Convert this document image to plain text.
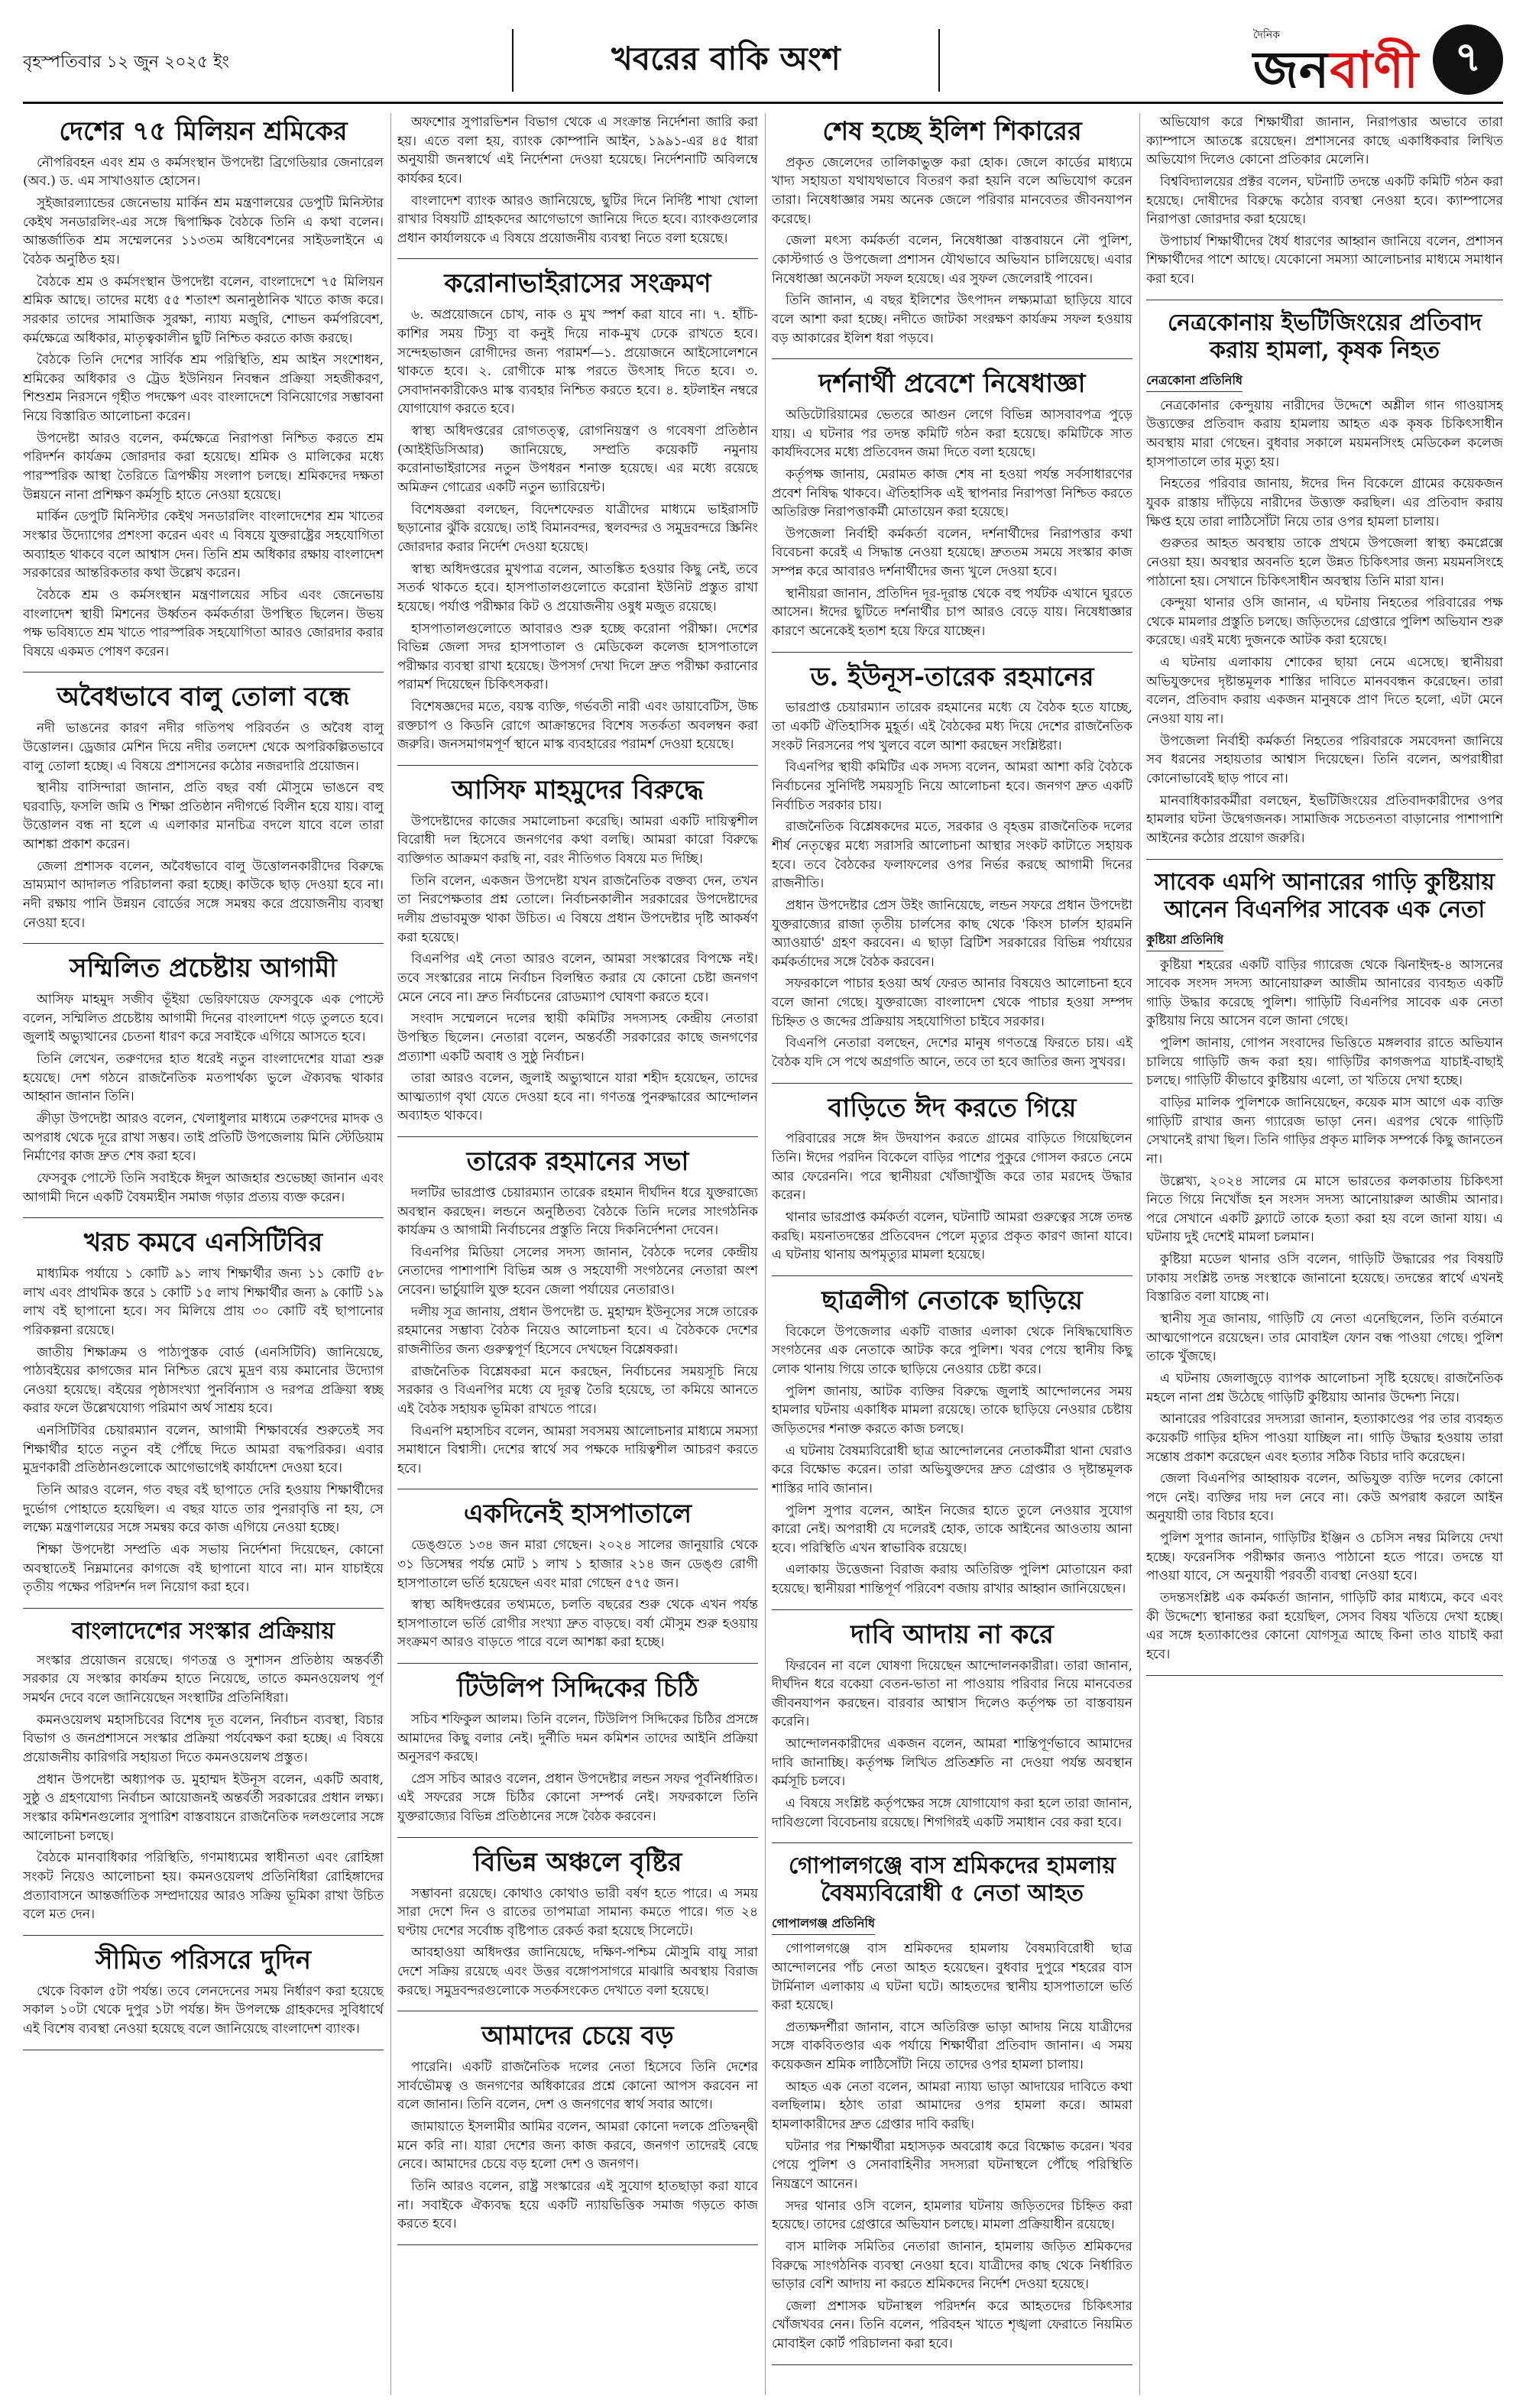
বৃহস্পতিবার ১২ জুন ২০২৫ ইং	খবরের বাকি অংশ
দৈনিক
জনবাণী ৭
দেশের ৭৫ মিলিয়ন শ্রমিকের

নৌপরিবহন এবং শ্রম ও কর্মসংস্থান উপদেষ্টা ব্রিগেডিয়ার জেনারেল (অব.) ড. এম সাখাওয়াত হোসেন।

সুইজারল্যান্ডের জেনেভায় মার্কিন শ্রম মন্ত্রণালয়ের ডেপুটি মিনিস্টার কেইথ সনডারলিং-এর সঙ্গে দ্বিপাক্ষিক বৈঠকে তিনি এ কথা বলেন। আন্তর্জাতিক শ্রম সম্মেলনের ১১৩তম অধিবেশনের সাইডলাইনে এ বৈঠক অনুষ্ঠিত হয়।

বৈঠকে শ্রম ও কর্মসংস্থান উপদেষ্টা বলেন, বাংলাদেশে ৭৫ মিলিয়ন শ্রমিক আছে। তাদের মধ্যে ৫৫ শতাংশ অনানুষ্ঠানিক খাতে কাজ করে। সরকার তাদের সামাজিক সুরক্ষা, ন্যায্য মজুরি, শোভন কর্মপরিবেশ, কর্মক্ষেত্রে অধিকার, মাতৃত্বকালীন ছুটি নিশ্চিত করতে কাজ করছে।

বৈঠকে তিনি দেশের সার্বিক শ্রম পরিস্থিতি, শ্রম আইন সংশোধন, শ্রমিকের অধিকার ও ট্রেড ইউনিয়ন নিবন্ধন প্রক্রিয়া সহজীকরণ, শিশুশ্রম নিরসনে গৃহীত পদক্ষেপ এবং বাংলাদেশে বিনিয়োগের সম্ভাবনা নিয়ে বিস্তারিত আলোচনা করেন।

উপদেষ্টা আরও বলেন, কর্মক্ষেত্রে নিরাপত্তা নিশ্চিত করতে শ্রম পরিদর্শন কার্যক্রম জোরদার করা হয়েছে। শ্রমিক ও মালিকের মধ্যে পারস্পরিক আস্থা তৈরিতে ত্রিপক্ষীয় সংলাপ চলছে। শ্রমিকদের দক্ষতা উন্নয়নে নানা প্রশিক্ষণ কর্মসূচি হাতে নেওয়া হয়েছে।

মার্কিন ডেপুটি মিনিস্টার কেইথ সনডারলিং বাংলাদেশের শ্রম খাতের সংস্কার উদ্যোগের প্রশংসা করেন এবং এ বিষয়ে যুক্তরাষ্ট্রের সহযোগিতা অব্যাহত থাকবে বলে আশ্বাস দেন। তিনি শ্রম অধিকার রক্ষায় বাংলাদেশ সরকারের আন্তরিকতার কথা উল্লেখ করেন।

বৈঠকে শ্রম ও কর্মসংস্থান মন্ত্রণালয়ের সচিব এবং জেনেভায় বাংলাদেশ স্থায়ী মিশনের উর্ধ্বতন কর্মকর্তারা উপস্থিত ছিলেন। উভয় পক্ষ ভবিষ্যতে শ্রম খাতে পারস্পরিক সহযোগিতা আরও জোরদার করার বিষয়ে একমত পোষণ করেন।

অবৈধভাবে বালু তোলা বন্ধে

নদী ভাঙনের কারণ নদীর গতিপথ পরিবর্তন ও অবৈধ বালু উত্তোলন। ড্রেজার মেশিন দিয়ে নদীর তলদেশ থেকে অপরিকল্পিতভাবে বালু তোলা হচ্ছে। এ বিষয়ে প্রশাসনের কঠোর নজরদারি প্রয়োজন।

স্থানীয় বাসিন্দারা জানান, প্রতি বছর বর্ষা মৌসুমে ভাঙনে বহু ঘরবাড়ি, ফসলি জমি ও শিক্ষা প্রতিষ্ঠান নদীগর্ভে বিলীন হয়ে যায়। বালু উত্তোলন বন্ধ না হলে এ এলাকার মানচিত্র বদলে যাবে বলে তারা আশঙ্কা প্রকাশ করেন।

জেলা প্রশাসক বলেন, অবৈধভাবে বালু উত্তোলনকারীদের বিরুদ্ধে ভ্রাম্যমাণ আদালত পরিচালনা করা হচ্ছে। কাউকে ছাড় দেওয়া হবে না। নদী রক্ষায় পানি উন্নয়ন বোর্ডের সঙ্গে সমন্বয় করে প্রয়োজনীয় ব্যবস্থা নেওয়া হবে।

সম্মিলিত প্রচেষ্টায় আগামী

আসিফ মাহমুদ সজীব ভূঁইয়া ভেরিফায়েড ফেসবুকে এক পোস্টে বলেন, সম্মিলিত প্রচেষ্টায় আগামী দিনের বাংলাদেশ গড়ে তুলতে হবে। জুলাই অভ্যুত্থানের চেতনা ধারণ করে সবাইকে এগিয়ে আসতে হবে।

তিনি লেখেন, তরুণদের হাত ধরেই নতুন বাংলাদেশের যাত্রা শুরু হয়েছে। দেশ গঠনে রাজনৈতিক মতপার্থক্য ভুলে ঐক্যবদ্ধ থাকার আহ্বান জানান তিনি।

ক্রীড়া উপদেষ্টা আরও বলেন, খেলাধুলার মাধ্যমে তরুণদের মাদক ও অপরাধ থেকে দূরে রাখা সম্ভব। তাই প্রতিটি উপজেলায় মিনি স্টেডিয়াম নির্মাণের কাজ দ্রুত শেষ করা হবে।

ফেসবুক পোস্টে তিনি সবাইকে ঈদুল আজহার শুভেচ্ছা জানান এবং আগামী দিনে একটি বৈষম্যহীন সমাজ গড়ার প্রত্যয় ব্যক্ত করেন।

খরচ কমবে এনসিটিবির

মাধ্যমিক পর্যায়ে ১ কোটি ৯১ লাখ শিক্ষার্থীর জন্য ১১ কোটি ৫৮ লাখ এবং প্রাথমিক স্তরে ১ কোটি ১৫ লাখ শিক্ষার্থীর জন্য ৯ কোটি ১৯ লাখ বই ছাপানো হবে। সব মিলিয়ে প্রায় ৩০ কোটি বই ছাপানোর পরিকল্পনা রয়েছে।

জাতীয় শিক্ষাক্রম ও পাঠ্যপুস্তক বোর্ড (এনসিটিবি) জানিয়েছে, পাঠ্যবইয়ের কাগজের মান নিশ্চিত রেখে মুদ্রণ ব্যয় কমানোর উদ্যোগ নেওয়া হয়েছে। বইয়ের পৃষ্ঠাসংখ্যা পুনর্বিন্যাস ও দরপত্র প্রক্রিয়া স্বচ্ছ করার ফলে উল্লেখযোগ্য পরিমাণ অর্থ সাশ্রয় হবে।

এনসিটিবির চেয়ারম্যান বলেন, আগামী শিক্ষাবর্ষের শুরুতেই সব শিক্ষার্থীর হাতে নতুন বই পৌঁছে দিতে আমরা বদ্ধপরিকর। এবার মুদ্রণকারী প্রতিষ্ঠানগুলোকে আগেভাগেই কার্যাদেশ দেওয়া হবে।

তিনি আরও বলেন, গত বছর বই ছাপাতে দেরি হওয়ায় শিক্ষার্থীদের দুর্ভোগ পোহাতে হয়েছিল। এ বছর যাতে তার পুনরাবৃত্তি না হয়, সে লক্ষ্যে মন্ত্রণালয়ের সঙ্গে সমন্বয় করে কাজ এগিয়ে নেওয়া হচ্ছে।

শিক্ষা উপদেষ্টা সম্প্রতি এক সভায় নির্দেশনা দিয়েছেন, কোনো অবস্থাতেই নিম্নমানের কাগজে বই ছাপানো যাবে না। মান যাচাইয়ে তৃতীয় পক্ষের পরিদর্শন দল নিয়োগ করা হবে।

বাংলাদেশের সংস্কার প্রক্রিয়ায়

সংস্কার প্রয়োজন রয়েছে। গণতন্ত্র ও সুশাসন প্রতিষ্ঠায় অন্তর্বর্তী সরকার যে সংস্কার কার্যক্রম হাতে নিয়েছে, তাতে কমনওয়েলথ পূর্ণ সমর্থন দেবে বলে জানিয়েছেন সংস্থাটির প্রতিনিধিরা।

কমনওয়েলথ মহাসচিবের বিশেষ দূত বলেন, নির্বাচন ব্যবস্থা, বিচার বিভাগ ও জনপ্রশাসনে সংস্কার প্রক্রিয়া পর্যবেক্ষণ করা হচ্ছে। এ বিষয়ে প্রয়োজনীয় কারিগরি সহায়তা দিতে কমনওয়েলথ প্রস্তুত।

প্রধান উপদেষ্টা অধ্যাপক ড. মুহাম্মদ ইউনূস বলেন, একটি অবাধ, সুষ্ঠু ও গ্রহণযোগ্য নির্বাচন আয়োজনই অন্তর্বর্তী সরকারের প্রধান লক্ষ্য। সংস্কার কমিশনগুলোর সুপারিশ বাস্তবায়নে রাজনৈতিক দলগুলোর সঙ্গে আলোচনা চলছে।

বৈঠকে মানবাধিকার পরিস্থিতি, গণমাধ্যমের স্বাধীনতা এবং রোহিঙ্গা সংকট নিয়েও আলোচনা হয়। কমনওয়েলথ প্রতিনিধিরা রোহিঙ্গাদের প্রত্যাবাসনে আন্তর্জাতিক সম্প্রদায়ের আরও সক্রিয় ভূমিকা রাখা উচিত বলে মত দেন।

সীমিত পরিসরে দুদিন

থেকে বিকাল ৫টা পর্যন্ত। তবে লেনদেনের সময় নির্ধারণ করা হয়েছে সকাল ১০টা থেকে দুপুর ১টা পর্যন্ত। ঈদ উপলক্ষে গ্রাহকদের সুবিধার্থে এই বিশেষ ব্যবস্থা নেওয়া হয়েছে বলে জানিয়েছে বাংলাদেশ ব্যাংক।

অফশোর সুপারভিশন বিভাগ থেকে এ সংক্রান্ত নির্দেশনা জারি করা হয়। এতে বলা হয়, ব্যাংক কোম্পানি আইন, ১৯৯১-এর ৪৫ ধারা অনুযায়ী জনস্বার্থে এই নির্দেশনা দেওয়া হয়েছে। নির্দেশনাটি অবিলম্বে কার্যকর হবে।

বাংলাদেশ ব্যাংক আরও জানিয়েছে, ছুটির দিনে নির্দিষ্ট শাখা খোলা রাখার বিষয়টি গ্রাহকদের আগেভাগে জানিয়ে দিতে হবে। ব্যাংকগুলোর প্রধান কার্যালয়কে এ বিষয়ে প্রয়োজনীয় ব্যবস্থা নিতে বলা হয়েছে।

করোনাভাইরাসের সংক্রমণ

৬. অপ্রয়োজনে চোখ, নাক ও মুখ স্পর্শ করা যাবে না। ৭. হাঁচি-কাশির সময় টিস্যু বা কনুই দিয়ে নাক-মুখ ঢেকে রাখতে হবে। সন্দেহভাজন রোগীদের জন্য পরামর্শ—১. প্রয়োজনে আইসোলেশনে থাকতে হবে। ২. রোগীকে মাস্ক পরতে উৎসাহ দিতে হবে। ৩. সেবাদানকারীকেও মাস্ক ব্যবহার নিশ্চিত করতে হবে। ৪. হটলাইন নম্বরে যোগাযোগ করতে হবে।

স্বাস্থ্য অধিদপ্তরের রোগতত্ত্ব, রোগনিয়ন্ত্রণ ও গবেষণা প্রতিষ্ঠান (আইইডিসিআর) জানিয়েছে, সম্প্রতি কয়েকটি নমুনায় করোনাভাইরাসের নতুন উপধরন শনাক্ত হয়েছে। এর মধ্যে রয়েছে অমিক্রন গোত্রের একটি নতুন ভ্যারিয়েন্ট।

বিশেষজ্ঞরা বলছেন, বিদেশফেরত যাত্রীদের মাধ্যমে ভাইরাসটি ছড়ানোর ঝুঁকি রয়েছে। তাই বিমানবন্দর, স্থলবন্দর ও সমুদ্রবন্দরে স্ক্রিনিং জোরদার করার নির্দেশ দেওয়া হয়েছে।

স্বাস্থ্য অধিদপ্তরের মুখপাত্র বলেন, আতঙ্কিত হওয়ার কিছু নেই, তবে সতর্ক থাকতে হবে। হাসপাতালগুলোতে করোনা ইউনিট প্রস্তুত রাখা হয়েছে। পর্যাপ্ত পরীক্ষার কিট ও প্রয়োজনীয় ওষুধ মজুত রয়েছে।

হাসপাতালগুলোতে আবারও শুরু হচ্ছে করোনা পরীক্ষা। দেশের বিভিন্ন জেলা সদর হাসপাতাল ও মেডিকেল কলেজ হাসপাতালে পরীক্ষার ব্যবস্থা রাখা হয়েছে। উপসর্গ দেখা দিলে দ্রুত পরীক্ষা করানোর পরামর্শ দিয়েছেন চিকিৎসকরা।

বিশেষজ্ঞদের মতে, বয়স্ক ব্যক্তি, গর্ভবতী নারী এবং ডায়াবেটিস, উচ্চ রক্তচাপ ও কিডনি রোগে আক্রান্তদের বিশেষ সতর্কতা অবলম্বন করা জরুরি। জনসমাগমপূর্ণ স্থানে মাস্ক ব্যবহারের পরামর্শ দেওয়া হয়েছে।

আসিফ মাহমুদের বিরুদ্ধে

উপদেষ্টাদের কাজের সমালোচনা করেছি। আমরা একটি দায়িত্বশীল বিরোধী দল হিসেবে জনগণের কথা বলছি। আমরা কারো বিরুদ্ধে ব্যক্তিগত আক্রমণ করছি না, বরং নীতিগত বিষয়ে মত দিচ্ছি।

তিনি বলেন, একজন উপদেষ্টা যখন রাজনৈতিক বক্তব্য দেন, তখন তা নিরপেক্ষতার প্রশ্ন তোলে। নির্বাচনকালীন সরকারের উপদেষ্টাদের দলীয় প্রভাবমুক্ত থাকা উচিত। এ বিষয়ে প্রধান উপদেষ্টার দৃষ্টি আকর্ষণ করা হয়েছে।

বিএনপির এই নেতা আরও বলেন, আমরা সংস্কারের বিপক্ষে নই। তবে সংস্কারের নামে নির্বাচন বিলম্বিত করার যে কোনো চেষ্টা জনগণ মেনে নেবে না। দ্রুত নির্বাচনের রোডম্যাপ ঘোষণা করতে হবে।

সংবাদ সম্মেলনে দলের স্থায়ী কমিটির সদস্যসহ কেন্দ্রীয় নেতারা উপস্থিত ছিলেন। নেতারা বলেন, অন্তর্বর্তী সরকারের কাছে জনগণের প্রত্যাশা একটি অবাধ ও সুষ্ঠু নির্বাচন।

তারা আরও বলেন, জুলাই অভ্যুত্থানে যারা শহীদ হয়েছেন, তাদের আত্মত্যাগ বৃথা যেতে দেওয়া হবে না। গণতন্ত্র পুনরুদ্ধারের আন্দোলন অব্যাহত থাকবে।

তারেক রহমানের সভা

দলটির ভারপ্রাপ্ত চেয়ারম্যান তারেক রহমান দীর্ঘদিন ধরে যুক্তরাজ্যে অবস্থান করছেন। লন্ডনে অনুষ্ঠিতব্য বৈঠকে তিনি দলের সাংগঠনিক কার্যক্রম ও আগামী নির্বাচনের প্রস্তুতি নিয়ে দিকনির্দেশনা দেবেন।

বিএনপির মিডিয়া সেলের সদস্য জানান, বৈঠকে দলের কেন্দ্রীয় নেতাদের পাশাপাশি বিভিন্ন অঙ্গ ও সহযোগী সংগঠনের নেতারা অংশ নেবেন। ভার্চুয়ালি যুক্ত হবেন জেলা পর্যায়ের নেতারাও।

দলীয় সূত্র জানায়, প্রধান উপদেষ্টা ড. মুহাম্মদ ইউনূসের সঙ্গে তারেক রহমানের সম্ভাব্য বৈঠক নিয়েও আলোচনা হবে। এ বৈঠককে দেশের রাজনীতির জন্য গুরুত্বপূর্ণ হিসেবে দেখছেন বিশ্লেষকরা।

রাজনৈতিক বিশ্লেষকরা মনে করছেন, নির্বাচনের সময়সূচি নিয়ে সরকার ও বিএনপির মধ্যে যে দূরত্ব তৈরি হয়েছে, তা কমিয়ে আনতে এই বৈঠক সহায়ক ভূমিকা রাখতে পারে।

বিএনপি মহাসচিব বলেন, আমরা সবসময় আলোচনার মাধ্যমে সমস্যা সমাধানে বিশ্বাসী। দেশের স্বার্থে সব পক্ষকে দায়িত্বশীল আচরণ করতে হবে।

একদিনেই হাসপাতালে

ডেঙ্গুতে ১৩৪ জন মারা গেছেন। ২০২৪ সালের জানুয়ারি থেকে ৩১ ডিসেম্বর পর্যন্ত মোট ১ লাখ ১ হাজার ২১৪ জন ডেঙ্গু রোগী হাসপাতালে ভর্তি হয়েছেন এবং মারা গেছেন ৫৭৫ জন।

স্বাস্থ্য অধিদপ্তরের তথ্যমতে, চলতি বছরের শুরু থেকে এখন পর্যন্ত হাসপাতালে ভর্তি রোগীর সংখ্যা দ্রুত বাড়ছে। বর্ষা মৌসুম শুরু হওয়ায় সংক্রমণ আরও বাড়তে পারে বলে আশঙ্কা করা হচ্ছে।

টিউলিপ সিদ্দিকের চিঠি

সচিব শফিকুল আলম। তিনি বলেন, টিউলিপ সিদ্দিকের চিঠির প্রসঙ্গে আমাদের কিছু বলার নেই। দুর্নীতি দমন কমিশন তাদের আইনি প্রক্রিয়া অনুসরণ করছে।

প্রেস সচিব আরও বলেন, প্রধান উপদেষ্টার লন্ডন সফর পূর্বনির্ধারিত। এই সফরের সঙ্গে চিঠির কোনো সম্পর্ক নেই। সফরকালে তিনি যুক্তরাজ্যের বিভিন্ন প্রতিষ্ঠানের সঙ্গে বৈঠক করবেন।

বিভিন্ন অঞ্চলে বৃষ্টির

সম্ভাবনা রয়েছে। কোথাও কোথাও ভারী বর্ষণ হতে পারে। এ সময় সারা দেশে দিন ও রাতের তাপমাত্রা সামান্য কমতে পারে। গত ২৪ ঘণ্টায় দেশের সর্বোচ্চ বৃষ্টিপাত রেকর্ড করা হয়েছে সিলেটে।

আবহাওয়া অধিদপ্তর জানিয়েছে, দক্ষিণ-পশ্চিম মৌসুমি বায়ু সারা দেশে সক্রিয় রয়েছে এবং উত্তর বঙ্গোপসাগরে মাঝারি অবস্থায় বিরাজ করছে। সমুদ্রবন্দরগুলোকে সতর্কসংকেত দেখাতে বলা হয়েছে।

আমাদের চেয়ে বড়

পারেনি। একটি রাজনৈতিক দলের নেতা হিসেবে তিনি দেশের সার্বভৌমত্ব ও জনগণের অধিকারের প্রশ্নে কোনো আপস করবেন না বলে জানান। তিনি বলেন, দেশ ও জনগণের স্বার্থ সবার আগে।

জামায়াতে ইসলামীর আমির বলেন, আমরা কোনো দলকে প্রতিদ্বন্দ্বী মনে করি না। যারা দেশের জন্য কাজ করবে, জনগণ তাদেরই বেছে নেবে। আমাদের চেয়ে বড় হলো দেশ ও জনগণ।

তিনি আরও বলেন, রাষ্ট্র সংস্কারের এই সুযোগ হাতছাড়া করা যাবে না। সবাইকে ঐক্যবদ্ধ হয়ে একটি ন্যায়ভিত্তিক সমাজ গড়তে কাজ করতে হবে।

শেষ হচ্ছে ইলিশ শিকারের

প্রকৃত জেলেদের তালিকাভুক্ত করা হোক। জেলে কার্ডের মাধ্যমে খাদ্য সহায়তা যথাযথভাবে বিতরণ করা হয়নি বলে অভিযোগ করেন তারা। নিষেধাজ্ঞার সময় অনেক জেলে পরিবার মানবেতর জীবনযাপন করেছে।

জেলা মৎস্য কর্মকর্তা বলেন, নিষেধাজ্ঞা বাস্তবায়নে নৌ পুলিশ, কোস্টগার্ড ও উপজেলা প্রশাসন যৌথভাবে অভিযান চালিয়েছে। এবার নিষেধাজ্ঞা অনেকটা সফল হয়েছে। এর সুফল জেলেরাই পাবেন।

তিনি জানান, এ বছর ইলিশের উৎপাদন লক্ষ্যমাত্রা ছাড়িয়ে যাবে বলে আশা করা হচ্ছে। নদীতে জাটকা সংরক্ষণ কার্যক্রম সফল হওয়ায় বড় আকারের ইলিশ ধরা পড়বে।

দর্শনার্থী প্রবেশে নিষেধাজ্ঞা

অডিটোরিয়ামের ভেতরে আগুন লেগে বিভিন্ন আসবাবপত্র পুড়ে যায়। এ ঘটনার পর তদন্ত কমিটি গঠন করা হয়েছে। কমিটিকে সাত কার্যদিবসের মধ্যে প্রতিবেদন জমা দিতে বলা হয়েছে।

কর্তৃপক্ষ জানায়, মেরামত কাজ শেষ না হওয়া পর্যন্ত সর্বসাধারণের প্রবেশ নিষিদ্ধ থাকবে। ঐতিহাসিক এই স্থাপনার নিরাপত্তা নিশ্চিত করতে অতিরিক্ত নিরাপত্তাকর্মী মোতায়েন করা হয়েছে।

উপজেলা নির্বাহী কর্মকর্তা বলেন, দর্শনার্থীদের নিরাপত্তার কথা বিবেচনা করেই এ সিদ্ধান্ত নেওয়া হয়েছে। দ্রুততম সময়ে সংস্কার কাজ সম্পন্ন করে আবারও দর্শনার্থীদের জন্য খুলে দেওয়া হবে।

স্থানীয়রা জানান, প্রতিদিন দূর-দূরান্ত থেকে বহু পর্যটক এখানে ঘুরতে আসেন। ঈদের ছুটিতে দর্শনার্থীর চাপ আরও বেড়ে যায়। নিষেধাজ্ঞার কারণে অনেকেই হতাশ হয়ে ফিরে যাচ্ছেন।

ড. ইউনূস-তারেক রহমানের

ভারপ্রাপ্ত চেয়ারম্যান তারেক রহমানের মধ্যে যে বৈঠক হতে যাচ্ছে, তা একটি ঐতিহাসিক মুহূর্ত। এই বৈঠকের মধ্য দিয়ে দেশের রাজনৈতিক সংকট নিরসনের পথ খুলবে বলে আশা করছেন সংশ্লিষ্টরা।

বিএনপির স্থায়ী কমিটির এক সদস্য বলেন, আমরা আশা করি বৈঠকে নির্বাচনের সুনির্দিষ্ট সময়সূচি নিয়ে আলোচনা হবে। জনগণ দ্রুত একটি নির্বাচিত সরকার চায়।

রাজনৈতিক বিশ্লেষকদের মতে, সরকার ও বৃহত্তম রাজনৈতিক দলের শীর্ষ নেতৃত্বের মধ্যে সরাসরি আলোচনা আস্থার সংকট কাটাতে সহায়ক হবে। তবে বৈঠকের ফলাফলের ওপর নির্ভর করছে আগামী দিনের রাজনীতি।

প্রধান উপদেষ্টার প্রেস উইং জানিয়েছে, লন্ডন সফরে প্রধান উপদেষ্টা যুক্তরাজ্যের রাজা তৃতীয় চার্লসের কাছ থেকে 'কিংস চার্লস হারমনি অ্যাওয়ার্ড' গ্রহণ করবেন। এ ছাড়া ব্রিটিশ সরকারের বিভিন্ন পর্যায়ের কর্মকর্তাদের সঙ্গে বৈঠক করবেন।

সফরকালে পাচার হওয়া অর্থ ফেরত আনার বিষয়েও আলোচনা হবে বলে জানা গেছে। যুক্তরাজ্যে বাংলাদেশ থেকে পাচার হওয়া সম্পদ চিহ্নিত ও জব্দের প্রক্রিয়ায় সহযোগিতা চাইবে সরকার।

বিএনপি নেতারা বলছেন, দেশের মানুষ গণতন্ত্রে ফিরতে চায়। এই বৈঠক যদি সে পথে অগ্রগতি আনে, তবে তা হবে জাতির জন্য সুখবর।

বাড়িতে ঈদ করতে গিয়ে

পরিবারের সঙ্গে ঈদ উদযাপন করতে গ্রামের বাড়িতে গিয়েছিলেন তিনি। ঈদের পরদিন বিকেলে বাড়ির পাশের পুকুরে গোসল করতে নেমে আর ফেরেননি। পরে স্থানীয়রা খোঁজাখুঁজি করে তার মরদেহ উদ্ধার করেন।

থানার ভারপ্রাপ্ত কর্মকর্তা বলেন, ঘটনাটি আমরা গুরুত্বের সঙ্গে তদন্ত করছি। ময়নাতদন্তের প্রতিবেদন পেলে মৃত্যুর প্রকৃত কারণ জানা যাবে। এ ঘটনায় থানায় অপমৃত্যুর মামলা হয়েছে।

ছাত্রলীগ নেতাকে ছাড়িয়ে

বিকেলে উপজেলার একটি বাজার এলাকা থেকে নিষিদ্ধঘোষিত সংগঠনের এক নেতাকে আটক করে পুলিশ। খবর পেয়ে স্থানীয় কিছু লোক থানায় গিয়ে তাকে ছাড়িয়ে নেওয়ার চেষ্টা করে।

পুলিশ জানায়, আটক ব্যক্তির বিরুদ্ধে জুলাই আন্দোলনের সময় হামলার ঘটনায় একাধিক মামলা রয়েছে। তাকে ছাড়িয়ে নেওয়ার চেষ্টায় জড়িতদের শনাক্ত করতে কাজ চলছে।

এ ঘটনায় বৈষম্যবিরোধী ছাত্র আন্দোলনের নেতাকর্মীরা থানা ঘেরাও করে বিক্ষোভ করেন। তারা অভিযুক্তদের দ্রুত গ্রেপ্তার ও দৃষ্টান্তমূলক শাস্তির দাবি জানান।

পুলিশ সুপার বলেন, আইন নিজের হাতে তুলে নেওয়ার সুযোগ কারো নেই। অপরাধী যে দলেরই হোক, তাকে আইনের আওতায় আনা হবে। পরিস্থিতি এখন স্বাভাবিক রয়েছে।

এলাকায় উত্তেজনা বিরাজ করায় অতিরিক্ত পুলিশ মোতায়েন করা হয়েছে। স্থানীয়রা শান্তিপূর্ণ পরিবেশ বজায় রাখার আহ্বান জানিয়েছেন।

দাবি আদায় না করে

ফিরবেন না বলে ঘোষণা দিয়েছেন আন্দোলনকারীরা। তারা জানান, দীর্ঘদিন ধরে বকেয়া বেতন-ভাতা না পাওয়ায় পরিবার নিয়ে মানবেতর জীবনযাপন করছেন। বারবার আশ্বাস দিলেও কর্তৃপক্ষ তা বাস্তবায়ন করেনি।

আন্দোলনকারীদের একজন বলেন, আমরা শান্তিপূর্ণভাবে আমাদের দাবি জানাচ্ছি। কর্তৃপক্ষ লিখিত প্রতিশ্রুতি না দেওয়া পর্যন্ত অবস্থান কর্মসূচি চলবে।

এ বিষয়ে সংশ্লিষ্ট কর্তৃপক্ষের সঙ্গে যোগাযোগ করা হলে তারা জানান, দাবিগুলো বিবেচনায় রয়েছে। শিগগিরই একটি সমাধান বের করা হবে।

গোপালগঞ্জে বাস শ্রমিকদের হামলায় বৈষম্যবিরোধী ৫ নেতা আহত
গোপালগঞ্জ প্রতিনিধি

গোপালগঞ্জে বাস শ্রমিকদের হামলায় বৈষম্যবিরোধী ছাত্র আন্দোলনের পাঁচ নেতা আহত হয়েছেন। বুধবার দুপুরে শহরের বাস টার্মিনাল এলাকায় এ ঘটনা ঘটে। আহতদের স্থানীয় হাসপাতালে ভর্তি করা হয়েছে।

প্রত্যক্ষদর্শীরা জানান, বাসে অতিরিক্ত ভাড়া আদায় নিয়ে যাত্রীদের সঙ্গে বাকবিতণ্ডার এক পর্যায়ে শিক্ষার্থীরা প্রতিবাদ জানান। এ সময় কয়েকজন শ্রমিক লাঠিসোঁটা নিয়ে তাদের ওপর হামলা চালায়।

আহত এক নেতা বলেন, আমরা ন্যায্য ভাড়া আদায়ের দাবিতে কথা বলছিলাম। হঠাৎ তারা আমাদের ওপর হামলা করে। আমরা হামলাকারীদের দ্রুত গ্রেপ্তার দাবি করছি।

ঘটনার পর শিক্ষার্থীরা মহাসড়ক অবরোধ করে বিক্ষোভ করেন। খবর পেয়ে পুলিশ ও সেনাবাহিনীর সদস্যরা ঘটনাস্থলে পৌঁছে পরিস্থিতি নিয়ন্ত্রণে আনেন।

সদর থানার ওসি বলেন, হামলার ঘটনায় জড়িতদের চিহ্নিত করা হয়েছে। তাদের গ্রেপ্তারে অভিযান চলছে। মামলা প্রক্রিয়াধীন রয়েছে।

বাস মালিক সমিতির নেতারা জানান, হামলায় জড়িত শ্রমিকদের বিরুদ্ধে সাংগঠনিক ব্যবস্থা নেওয়া হবে। যাত্রীদের কাছ থেকে নির্ধারিত ভাড়ার বেশি আদায় না করতে শ্রমিকদের নির্দেশ দেওয়া হয়েছে।

জেলা প্রশাসক ঘটনাস্থল পরিদর্শন করে আহতদের চিকিৎসার খোঁজখবর নেন। তিনি বলেন, পরিবহন খাতে শৃঙ্খলা ফেরাতে নিয়মিত মোবাইল কোর্ট পরিচালনা করা হবে।

অভিযোগ করে শিক্ষার্থীরা জানান, নিরাপত্তার অভাবে তারা ক্যাম্পাসে আতঙ্কে রয়েছেন। প্রশাসনের কাছে একাধিকবার লিখিত অভিযোগ দিলেও কোনো প্রতিকার মেলেনি।

বিশ্ববিদ্যালয়ের প্রক্টর বলেন, ঘটনাটি তদন্তে একটি কমিটি গঠন করা হয়েছে। দোষীদের বিরুদ্ধে কঠোর ব্যবস্থা নেওয়া হবে। ক্যাম্পাসের নিরাপত্তা জোরদার করা হয়েছে।

উপাচার্য শিক্ষার্থীদের ধৈর্য ধারণের আহ্বান জানিয়ে বলেন, প্রশাসন শিক্ষার্থীদের পাশে আছে। যেকোনো সমস্যা আলোচনার মাধ্যমে সমাধান করা হবে।

নেত্রকোনায় ইভটিজিংয়ের প্রতিবাদ করায় হামলা, কৃষক নিহত
নেত্রকোনা প্রতিনিধি

নেত্রকোনার কেন্দুয়ায় নারীদের উদ্দেশে অশ্লীল গান গাওয়াসহ উত্ত্যক্তের প্রতিবাদ করায় হামলায় আহত এক কৃষক চিকিৎসাধীন অবস্থায় মারা গেছেন। বুধবার সকালে ময়মনসিংহ মেডিকেল কলেজ হাসপাতালে তার মৃত্যু হয়।

নিহতের পরিবার জানায়, ঈদের দিন বিকেলে গ্রামের কয়েকজন যুবক রাস্তায় দাঁড়িয়ে নারীদের উত্ত্যক্ত করছিল। এর প্রতিবাদ করায় ক্ষিপ্ত হয়ে তারা লাঠিসোঁটা নিয়ে তার ওপর হামলা চালায়।

গুরুতর আহত অবস্থায় তাকে প্রথমে উপজেলা স্বাস্থ্য কমপ্লেক্সে নেওয়া হয়। অবস্থার অবনতি হলে উন্নত চিকিৎসার জন্য ময়মনসিংহে পাঠানো হয়। সেখানে চিকিৎসাধীন অবস্থায় তিনি মারা যান।

কেন্দুয়া থানার ওসি জানান, এ ঘটনায় নিহতের পরিবারের পক্ষ থেকে মামলার প্রস্তুতি চলছে। জড়িতদের গ্রেপ্তারে পুলিশ অভিযান শুরু করেছে। এরই মধ্যে দুজনকে আটক করা হয়েছে।

এ ঘটনায় এলাকায় শোকের ছায়া নেমে এসেছে। স্থানীয়রা অভিযুক্তদের দৃষ্টান্তমূলক শাস্তির দাবিতে মানববন্ধন করেছেন। তারা বলেন, প্রতিবাদ করায় একজন মানুষকে প্রাণ দিতে হলো, এটা মেনে নেওয়া যায় না।

উপজেলা নির্বাহী কর্মকর্তা নিহতের পরিবারকে সমবেদনা জানিয়ে সব ধরনের সহায়তার আশ্বাস দিয়েছেন। তিনি বলেন, অপরাধীরা কোনোভাবেই ছাড় পাবে না।

মানবাধিকারকর্মীরা বলছেন, ইভটিজিংয়ের প্রতিবাদকারীদের ওপর হামলার ঘটনা উদ্বেগজনক। সামাজিক সচেতনতা বাড়ানোর পাশাপাশি আইনের কঠোর প্রয়োগ জরুরি।

সাবেক এমপি আনারের গাড়ি কুষ্টিয়ায় আনেন বিএনপির সাবেক এক নেতা
কুষ্টিয়া প্রতিনিধি

কুষ্টিয়া শহরের একটি বাড়ির গ্যারেজ থেকে ঝিনাইদহ-৪ আসনের সাবেক সংসদ সদস্য আনোয়ারুল আজীম আনারের ব্যবহৃত একটি গাড়ি উদ্ধার করেছে পুলিশ। গাড়িটি বিএনপির সাবেক এক নেতা কুষ্টিয়ায় নিয়ে আসেন বলে জানা গেছে।

পুলিশ জানায়, গোপন সংবাদের ভিত্তিতে মঙ্গলবার রাতে অভিযান চালিয়ে গাড়িটি জব্দ করা হয়। গাড়িটির কাগজপত্র যাচাই-বাছাই চলছে। গাড়িটি কীভাবে কুষ্টিয়ায় এলো, তা খতিয়ে দেখা হচ্ছে।

বাড়ির মালিক পুলিশকে জানিয়েছেন, কয়েক মাস আগে এক ব্যক্তি গাড়িটি রাখার জন্য গ্যারেজ ভাড়া নেন। এরপর থেকে গাড়িটি সেখানেই রাখা ছিল। তিনি গাড়ির প্রকৃত মালিক সম্পর্কে কিছু জানতেন না।

উল্লেখ্য, ২০২৪ সালের মে মাসে ভারতের কলকাতায় চিকিৎসা নিতে গিয়ে নিখোঁজ হন সংসদ সদস্য আনোয়ারুল আজীম আনার। পরে সেখানে একটি ফ্ল্যাটে তাকে হত্যা করা হয় বলে জানা যায়। এ ঘটনায় দুই দেশেই মামলা চলমান।

কুষ্টিয়া মডেল থানার ওসি বলেন, গাড়িটি উদ্ধারের পর বিষয়টি ঢাকায় সংশ্লিষ্ট তদন্ত সংস্থাকে জানানো হয়েছে। তদন্তের স্বার্থে এখনই বিস্তারিত বলা যাচ্ছে না।

স্থানীয় সূত্র জানায়, গাড়িটি যে নেতা এনেছিলেন, তিনি বর্তমানে আত্মগোপনে রয়েছেন। তার মোবাইল ফোন বন্ধ পাওয়া গেছে। পুলিশ তাকে খুঁজছে।

এ ঘটনায় জেলাজুড়ে ব্যাপক আলোচনা সৃষ্টি হয়েছে। রাজনৈতিক মহলে নানা প্রশ্ন উঠেছে গাড়িটি কুষ্টিয়ায় আনার উদ্দেশ্য নিয়ে।

আনারের পরিবারের সদস্যরা জানান, হত্যাকাণ্ডের পর তার ব্যবহৃত কয়েকটি গাড়ির হদিস পাওয়া যাচ্ছিল না। গাড়ি উদ্ধার হওয়ায় তারা সন্তোষ প্রকাশ করেছেন এবং হত্যার সঠিক বিচার দাবি করেছেন।

জেলা বিএনপির আহ্বায়ক বলেন, অভিযুক্ত ব্যক্তি দলের কোনো পদে নেই। ব্যক্তির দায় দল নেবে না। কেউ অপরাধ করলে আইন অনুযায়ী তার বিচার হবে।

পুলিশ সুপার জানান, গাড়িটির ইঞ্জিন ও চেসিস নম্বর মিলিয়ে দেখা হচ্ছে। ফরেনসিক পরীক্ষার জন্যও পাঠানো হতে পারে। তদন্তে যা পাওয়া যাবে, সে অনুযায়ী পরবর্তী ব্যবস্থা নেওয়া হবে।

তদন্তসংশ্লিষ্ট এক কর্মকর্তা জানান, গাড়িটি কার মাধ্যমে, কবে এবং কী উদ্দেশ্যে স্থানান্তর করা হয়েছিল, সেসব বিষয় খতিয়ে দেখা হচ্ছে। এর সঙ্গে হত্যাকাণ্ডের কোনো যোগসূত্র আছে কিনা তাও যাচাই করা হবে।
